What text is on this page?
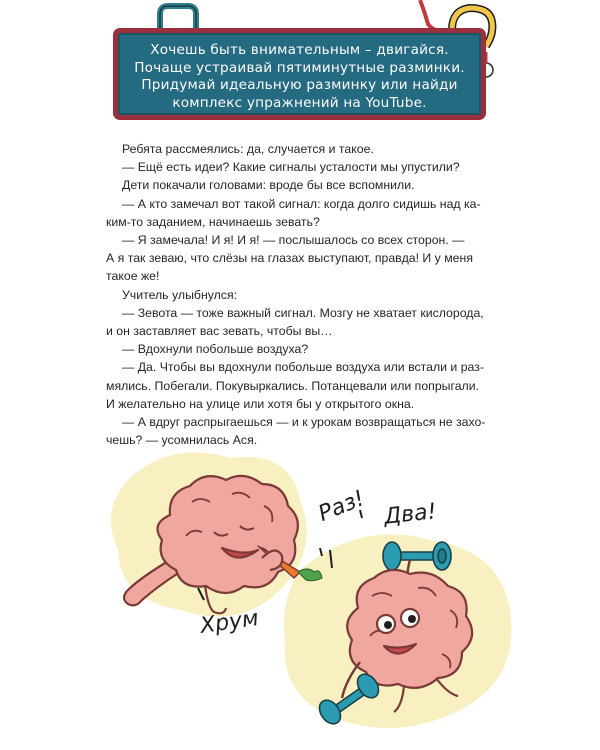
Хочешь быть внимательным – двигайся.
Почаще устраивай пятиминутные разминки.
Придумай идеальную разминку или найди
комплекс упражнений на YouTube.

Ребята рассмеялись: да, случается и такое.

— Ещё есть идеи? Какие сигналы усталости мы упустили?

Дети покачали головами: вроде бы все вспомнили.

— А кто замечал вот такой сигнал: когда долго сидишь над ка-

ким-то заданием, начинаешь зевать?

— Я замечала! И я! И я! — послышалось со всех сторон. —

А я так зеваю, что слёзы на глазах выступают, правда! И у меня

такое же!

Учитель улыбнулся:

— Зевота — тоже важный сигнал. Мозгу не хватает кислорода,

и он заставляет вас зевать, чтобы вы…

— Вдохнули побольше воздуха?

— Да. Чтобы вы вдохнули побольше воздуха или встали и раз-

мялись. Побегали. Покувыркались. Потанцевали или попрыгали.

И желательно на улице или хотя бы у открытого окна.

— А вдруг распрыгаешься — и к урокам возвращаться не захо-

чешь? — усомнилась Ася.

Хрум
Раз! Два!
